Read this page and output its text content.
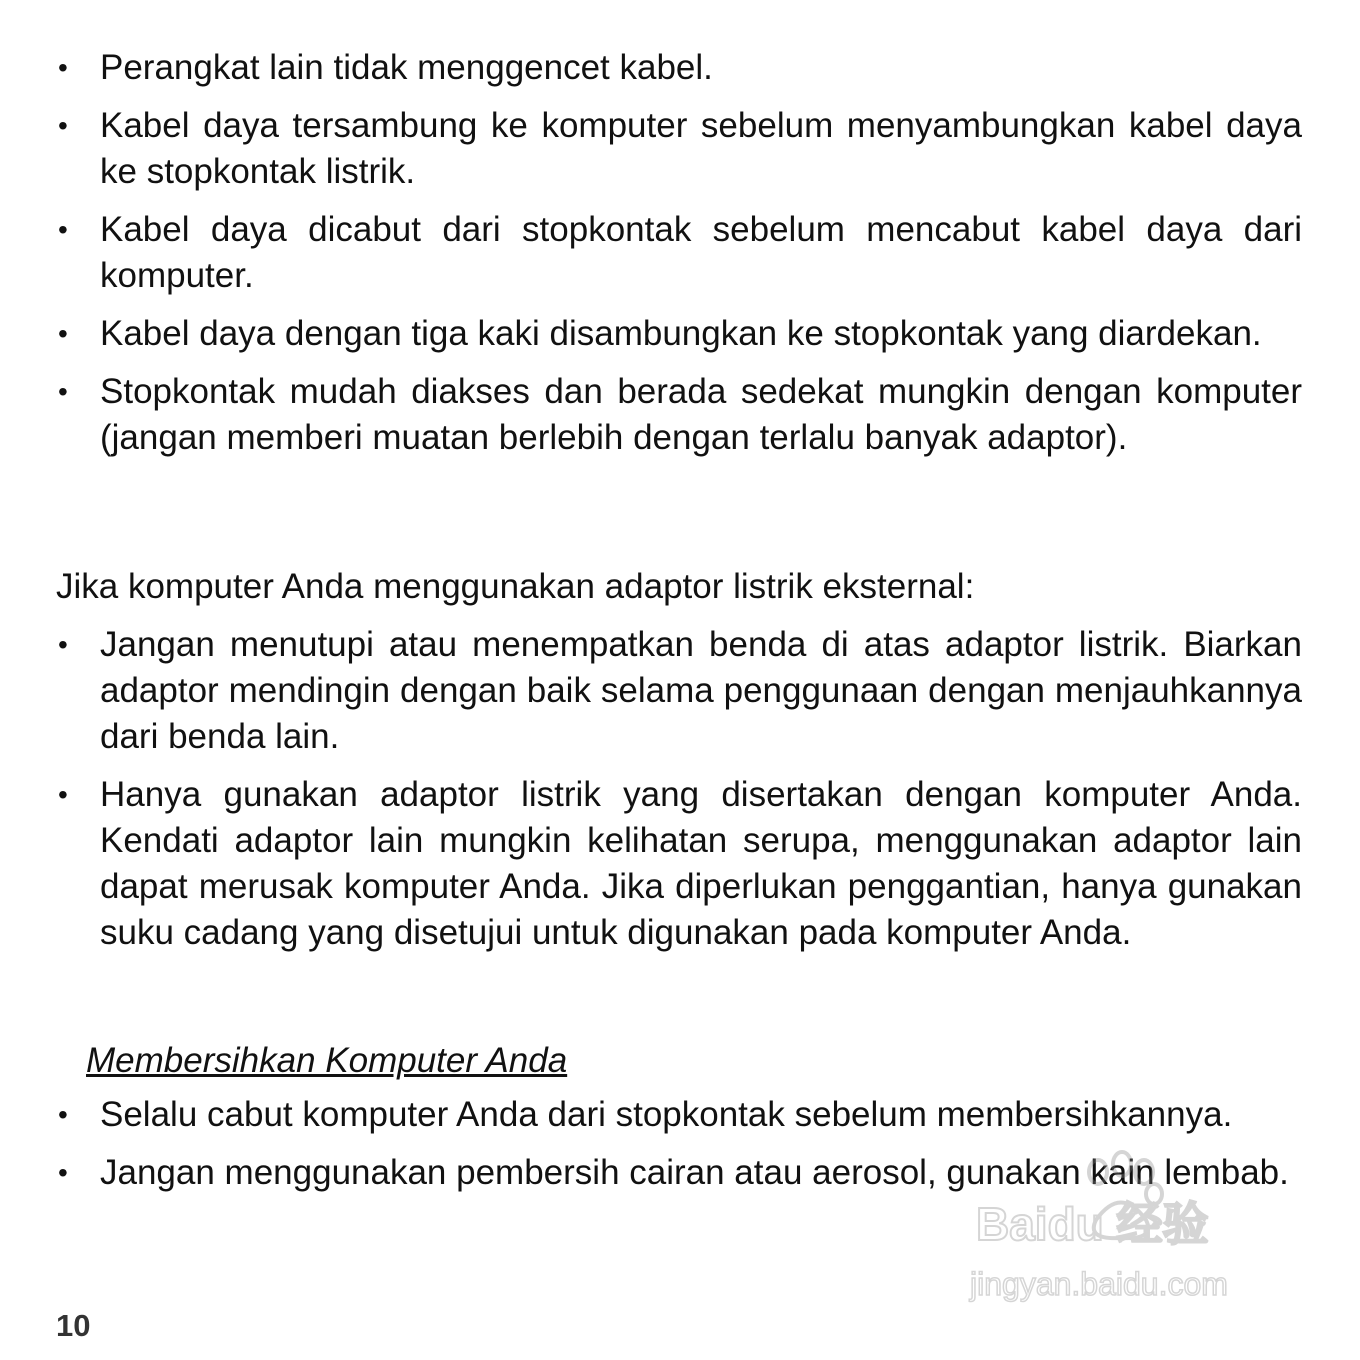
• Perangkat lain tidak menggencet kabel.
• Kabel daya tersambung ke komputer sebelum menyambungkan kabel daya ke stopkontak listrik.
• Kabel daya dicabut dari stopkontak sebelum mencabut kabel daya dari komputer.
• Kabel daya dengan tiga kaki disambungkan ke stopkontak yang diardekan.
• Stopkontak mudah diakses dan berada sedekat mungkin dengan komputer (jangan memberi muatan berlebih dengan terlalu banyak adaptor).

Jika komputer Anda menggunakan adaptor listrik eksternal:

• Jangan menutupi atau menempatkan benda di atas adaptor listrik. Biarkan adaptor mendingin dengan baik selama penggunaan dengan menjauhkannya dari benda lain.
• Hanya gunakan adaptor listrik yang disertakan dengan komputer Anda. Kendati adaptor lain mungkin kelihatan serupa, menggunakan adaptor lain dapat merusak komputer Anda. Jika diperlukan penggantian, hanya gunakan suku cadang yang disetujui untuk digunakan pada komputer Anda.
Membersihkan Komputer Anda
• Selalu cabut komputer Anda dari stopkontak sebelum membersihkannya.
• Jangan menggunakan pembersih cairan atau aerosol, gunakan kain lembab.
10
Baidu 经验
jingyan.baidu.com
